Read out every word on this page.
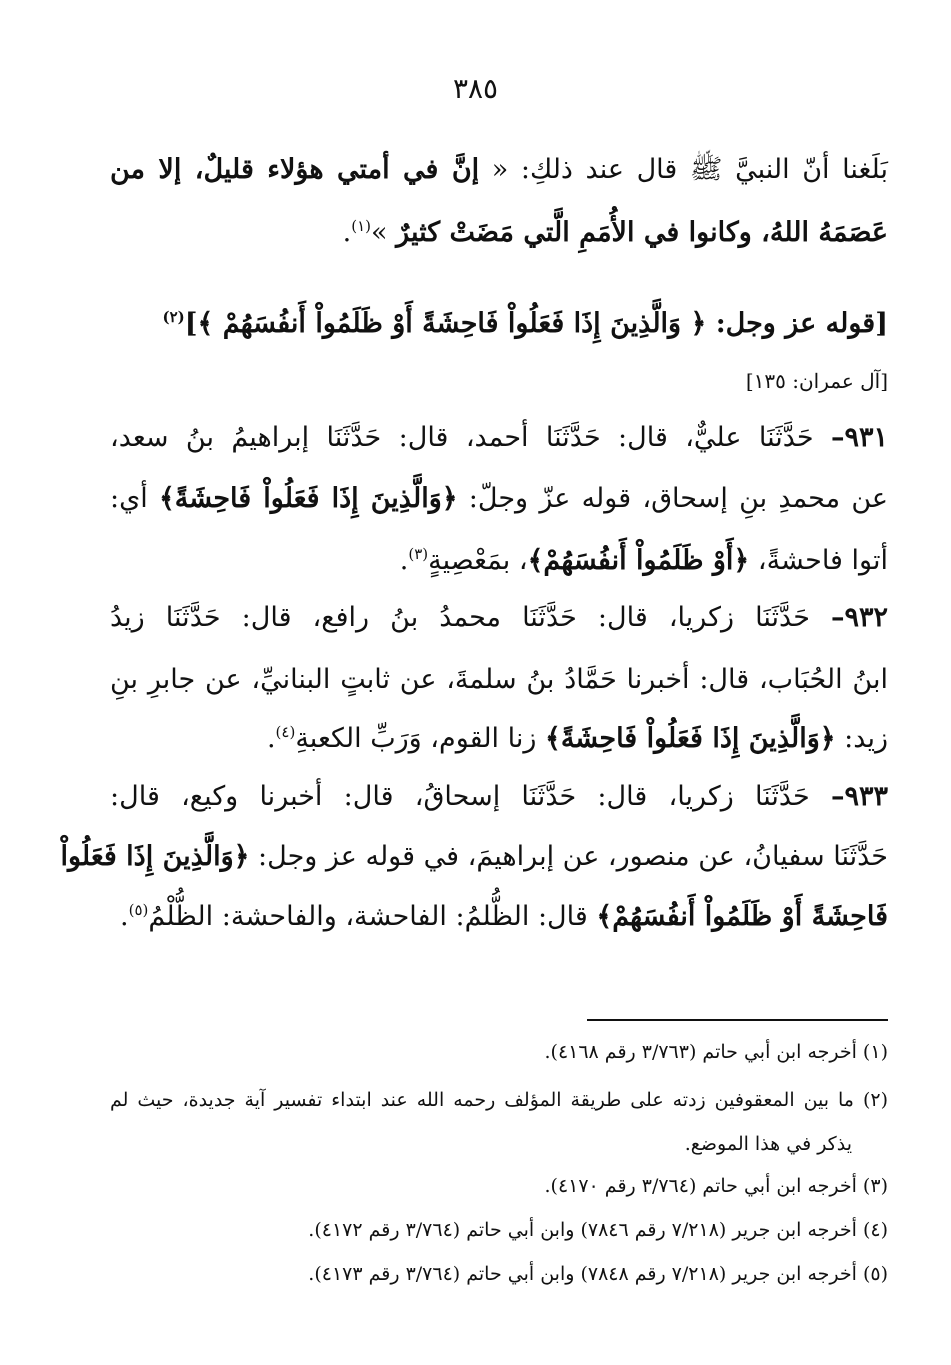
٣٨٥
بَلَغنا أنّ النبيَّ ﷺ قال عند ذلكِ: « إنَّ في أمتي هؤلاء قليلٌ، إلا من
عَصَمَهُ اللهُ، وكانوا في الأُمَمِ الَّتي مَضَتْ كثيرٌ »$^{(١)}$.
[قوله عز وجل: ﴿ وَالَّذِينَ إِذَا فَعَلُواْ فَاحِشَةً أَوْ ظَلَمُواْ أَنفُسَهُمْ ﴾]$^{(٢)}$
[آل عمران: ١٣٥]
٩٣١– حَدَّثَنَا عليٌّ، قال: حَدَّثَنَا أحمد، قال: حَدَّثَنَا إبراهيمُ بنُ سعد،
عن محمدِ بنِ إسحاق، قوله عزّ وجلّ: ﴿وَالَّذِينَ إِذَا فَعَلُواْ فَاحِشَةً﴾ أي:
أتوا فاحشةً، ﴿أَوْ ظَلَمُواْ أَنفُسَهُمْ﴾، بمَعْصِيةٍ$^{(٣)}$.
٩٣٢– حَدَّثَنَا زكريا، قال: حَدَّثَنَا محمدُ بنُ رافع، قال: حَدَّثَنَا زيدُ
ابنُ الحُبَاب، قال: أخبرنا حَمَّادُ بنُ سلمةَ، عن ثابتٍ البنانيِّ، عن جابرِ بنِ
زيد: ﴿وَالَّذِينَ إِذَا فَعَلُواْ فَاحِشَةً﴾ زنا القوم، وَرَبِّ الكعبةِ$^{(٤)}$.
٩٣٣– حَدَّثَنَا زكريا، قال: حَدَّثَنَا إسحاقُ، قال: أخبرنا وكيع، قال:
حَدَّثَنَا سفيانُ، عن منصور، عن إبراهيمَ، في قوله عز وجل: ﴿وَالَّذِينَ إِذَا فَعَلُواْ
فَاحِشَةً أَوْ ظَلَمُواْ أَنفُسَهُمْ﴾ قال: الظُّلمُ: الفاحشة، والفاحشة: الظُّلْمُ$^{(٥)}$.
(١) أخرجه ابن أبي حاتم (٣/٧٦٣ رقم ٤١٦٨).
(٢) ما بين المعقوفين زدته على طريقة المؤلف رحمه الله عند ابتداء تفسير آية جديدة، حيث لم
يذكر في هذا الموضع.
(٣) أخرجه ابن أبي حاتم (٣/٧٦٤ رقم ٤١٧٠).
(٤) أخرجه ابن جرير (٧/٢١٨ رقم ٧٨٤٦) وابن أبي حاتم (٣/٧٦٤ رقم ٤١٧٢).
(٥) أخرجه ابن جرير (٧/٢١٨ رقم ٧٨٤٨) وابن أبي حاتم (٣/٧٦٤ رقم ٤١٧٣).
